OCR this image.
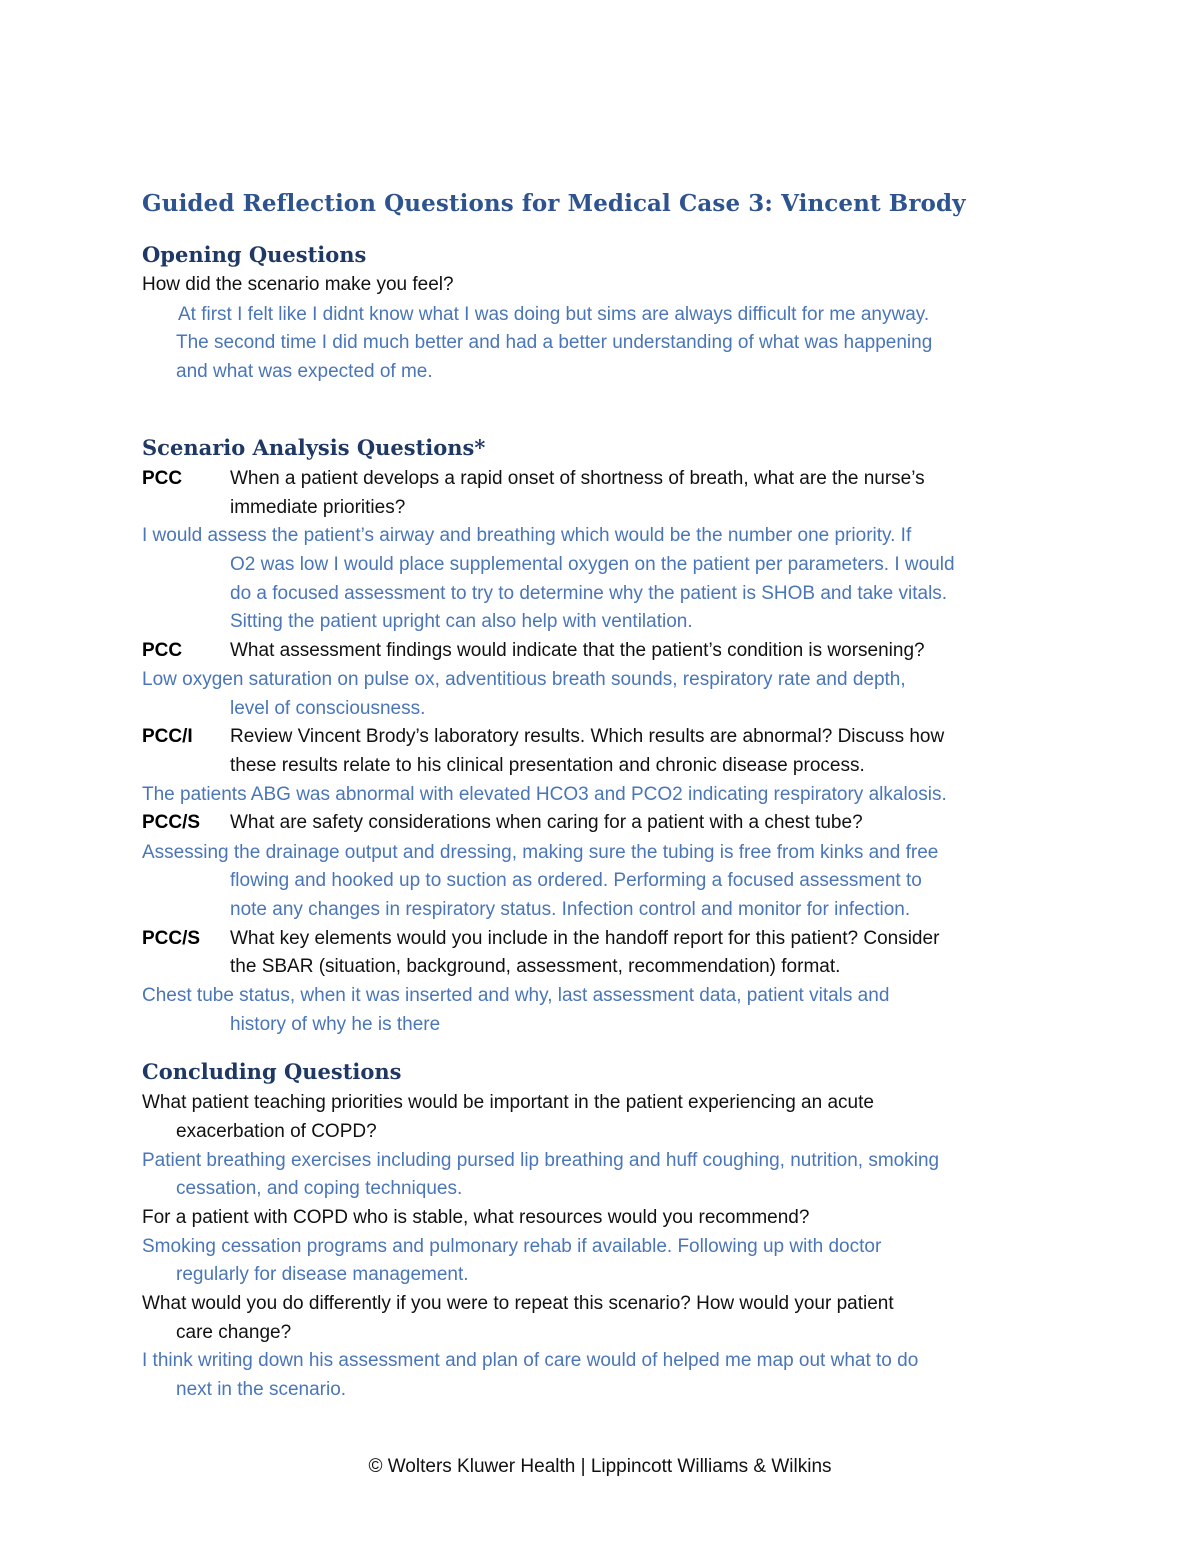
Guided Reflection Questions for Medical Case 3: Vincent Brody
Opening Questions
How did the scenario make you feel?
At first I felt like I didnt know what I was doing but sims are always difficult for me anyway.
The second time I did much better and had a better understanding of what was happening
and what was expected of me.
Scenario Analysis Questions*
PCC	When a patient develops a rapid onset of shortness of breath, what are the nurse’s
immediate priorities?
I would assess the patient’s airway and breathing which would be the number one priority. If
O2 was low I would place supplemental oxygen on the patient per parameters. I would
do a focused assessment to try to determine why the patient is SHOB and take vitals.
Sitting the patient upright can also help with ventilation.
PCC	What assessment findings would indicate that the patient’s condition is worsening?
Low oxygen saturation on pulse ox, adventitious breath sounds, respiratory rate and depth,
level of consciousness.
PCC/I Review Vincent Brody’s laboratory results. Which results are abnormal? Discuss how
these results relate to his clinical presentation and chronic disease process.
The patients ABG was abnormal with elevated HCO3 and PCO2 indicating respiratory alkalosis.
PCC/S What are safety considerations when caring for a patient with a chest tube?
Assessing the drainage output and dressing, making sure the tubing is free from kinks and free
flowing and hooked up to suction as ordered. Performing a focused assessment to
note any changes in respiratory status. Infection control and monitor for infection.
PCC/S What key elements would you include in the handoff report for this patient? Consider
the SBAR (situation, background, assessment, recommendation) format.
Chest tube status, when it was inserted and why, last assessment data, patient vitals and
history of why he is there
Concluding Questions
What patient teaching priorities would be important in the patient experiencing an acute
exacerbation of COPD?
Patient breathing exercises including pursed lip breathing and huff coughing, nutrition, smoking
cessation, and coping techniques.
For a patient with COPD who is stable, what resources would you recommend?
Smoking cessation programs and pulmonary rehab if available. Following up with doctor
regularly for disease management.
What would you do differently if you were to repeat this scenario? How would your patient
care change?
I think writing down his assessment and plan of care would of helped me map out what to do
next in the scenario.
© Wolters Kluwer Health | Lippincott Williams & Wilkins
